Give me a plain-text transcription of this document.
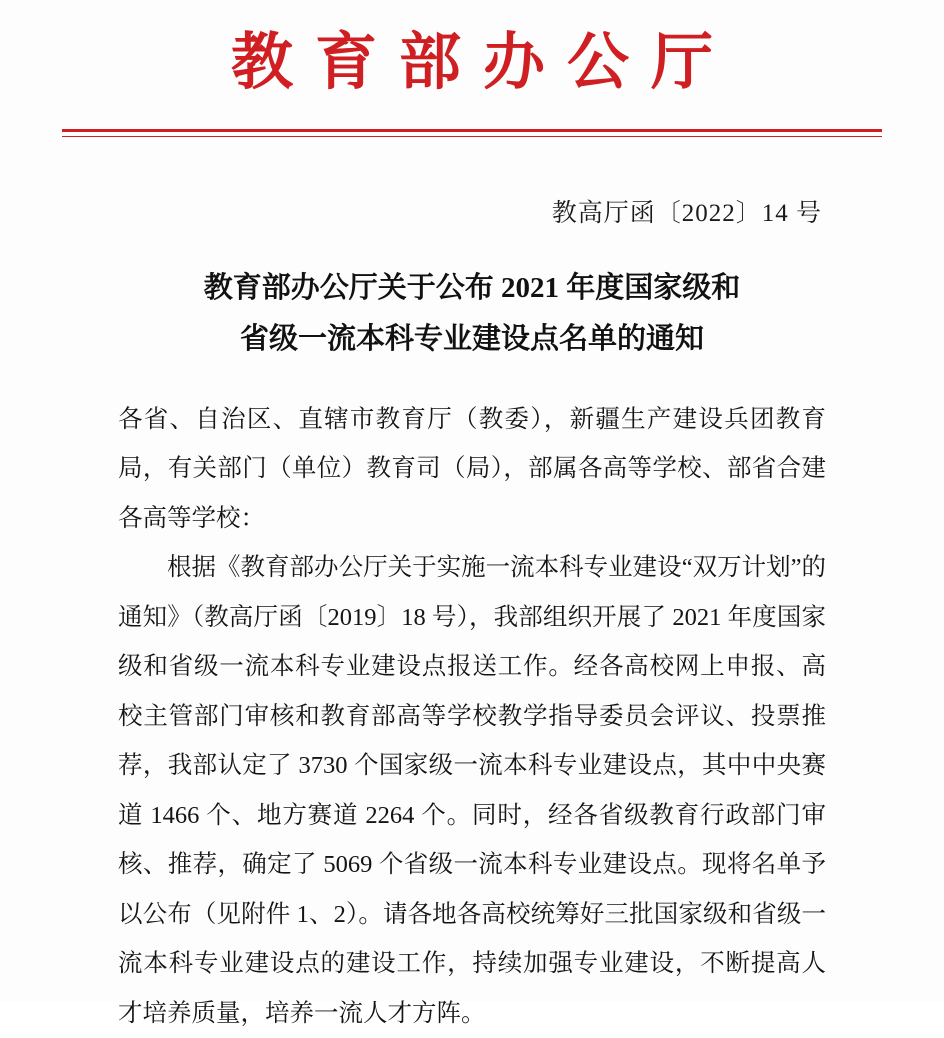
教育部办公厅
教高厅函〔2022〕14 号
教育部办公厅关于公布 2021 年度国家级和
省级一流本科专业建设点名单的通知

各省、自治区、直辖市教育厅（教委），新疆生产建设兵团教育局，有关部门（单位）教育司（局），部属各高等学校、部省合建各高等学校：

根据《教育部办公厅关于实施一流本科专业建设“双万计划”的通知》（教高厅函〔2019〕18 号），我部组织开展了 2021 年度国家级和省级一流本科专业建设点报送工作。经各高校网上申报、高校主管部门审核和教育部高等学校教学指导委员会评议、投票推荐，我部认定了 3730 个国家级一流本科专业建设点，其中中央赛道 1466 个、地方赛道 2264 个。同时，经各省级教育行政部门审核、推荐，确定了 5069 个省级一流本科专业建设点。现将名单予以公布（见附件 1、2）。请各地各高校统筹好三批国家级和省级一流本科专业建设点的建设工作，持续加强专业建设，不断提高人才培养质量，培养一流人才方阵。
